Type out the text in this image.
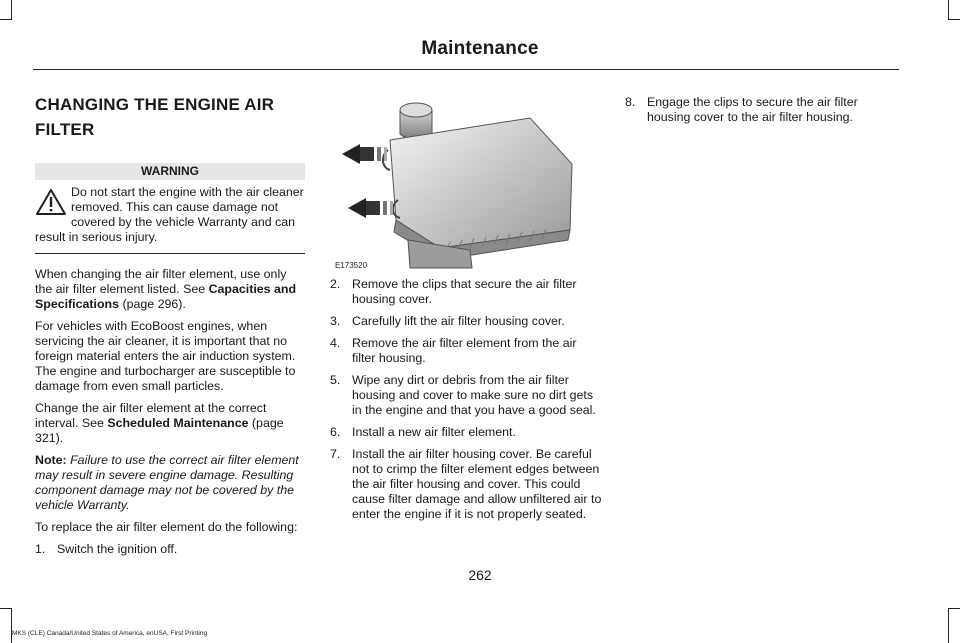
Maintenance
CHANGING THE ENGINE AIR
FILTER
WARNING
Do not start the engine with the air cleaner removed. This can cause damage not covered by the vehicle Warranty and can result in serious injury.
When changing the air filter element, use only the air filter element listed. See Capacities and Specifications (page 296).
For vehicles with EcoBoost engines, when servicing the air cleaner, it is important that no foreign material enters the air induction system. The engine and turbocharger are susceptible to damage from even small particles.
Change the air filter element at the correct interval. See Scheduled Maintenance (page 321).
Note: Failure to use the correct air filter element may result in severe engine damage. Resulting component damage may not be covered by the vehicle Warranty.
To replace the air filter element do the following:
1. Switch the ignition off.
E173520
2. Remove the clips that secure the air filter housing cover.
3. Carefully lift the air filter housing cover.
4. Remove the air filter element from the air filter housing.
5. Wipe any dirt or debris from the air filter housing and cover to make sure no dirt gets in the engine and that you have a good seal.
6. Install a new air filter element.
7. Install the air filter housing cover. Be careful not to crimp the filter element edges between the air filter housing and cover. This could cause filter damage and allow unfiltered air to enter the engine if it is not properly seated.
8. Engage the clips to secure the air filter housing cover to the air filter housing.
262
MKS (CLE) Canada/United States of America, enUSA, First Printing
